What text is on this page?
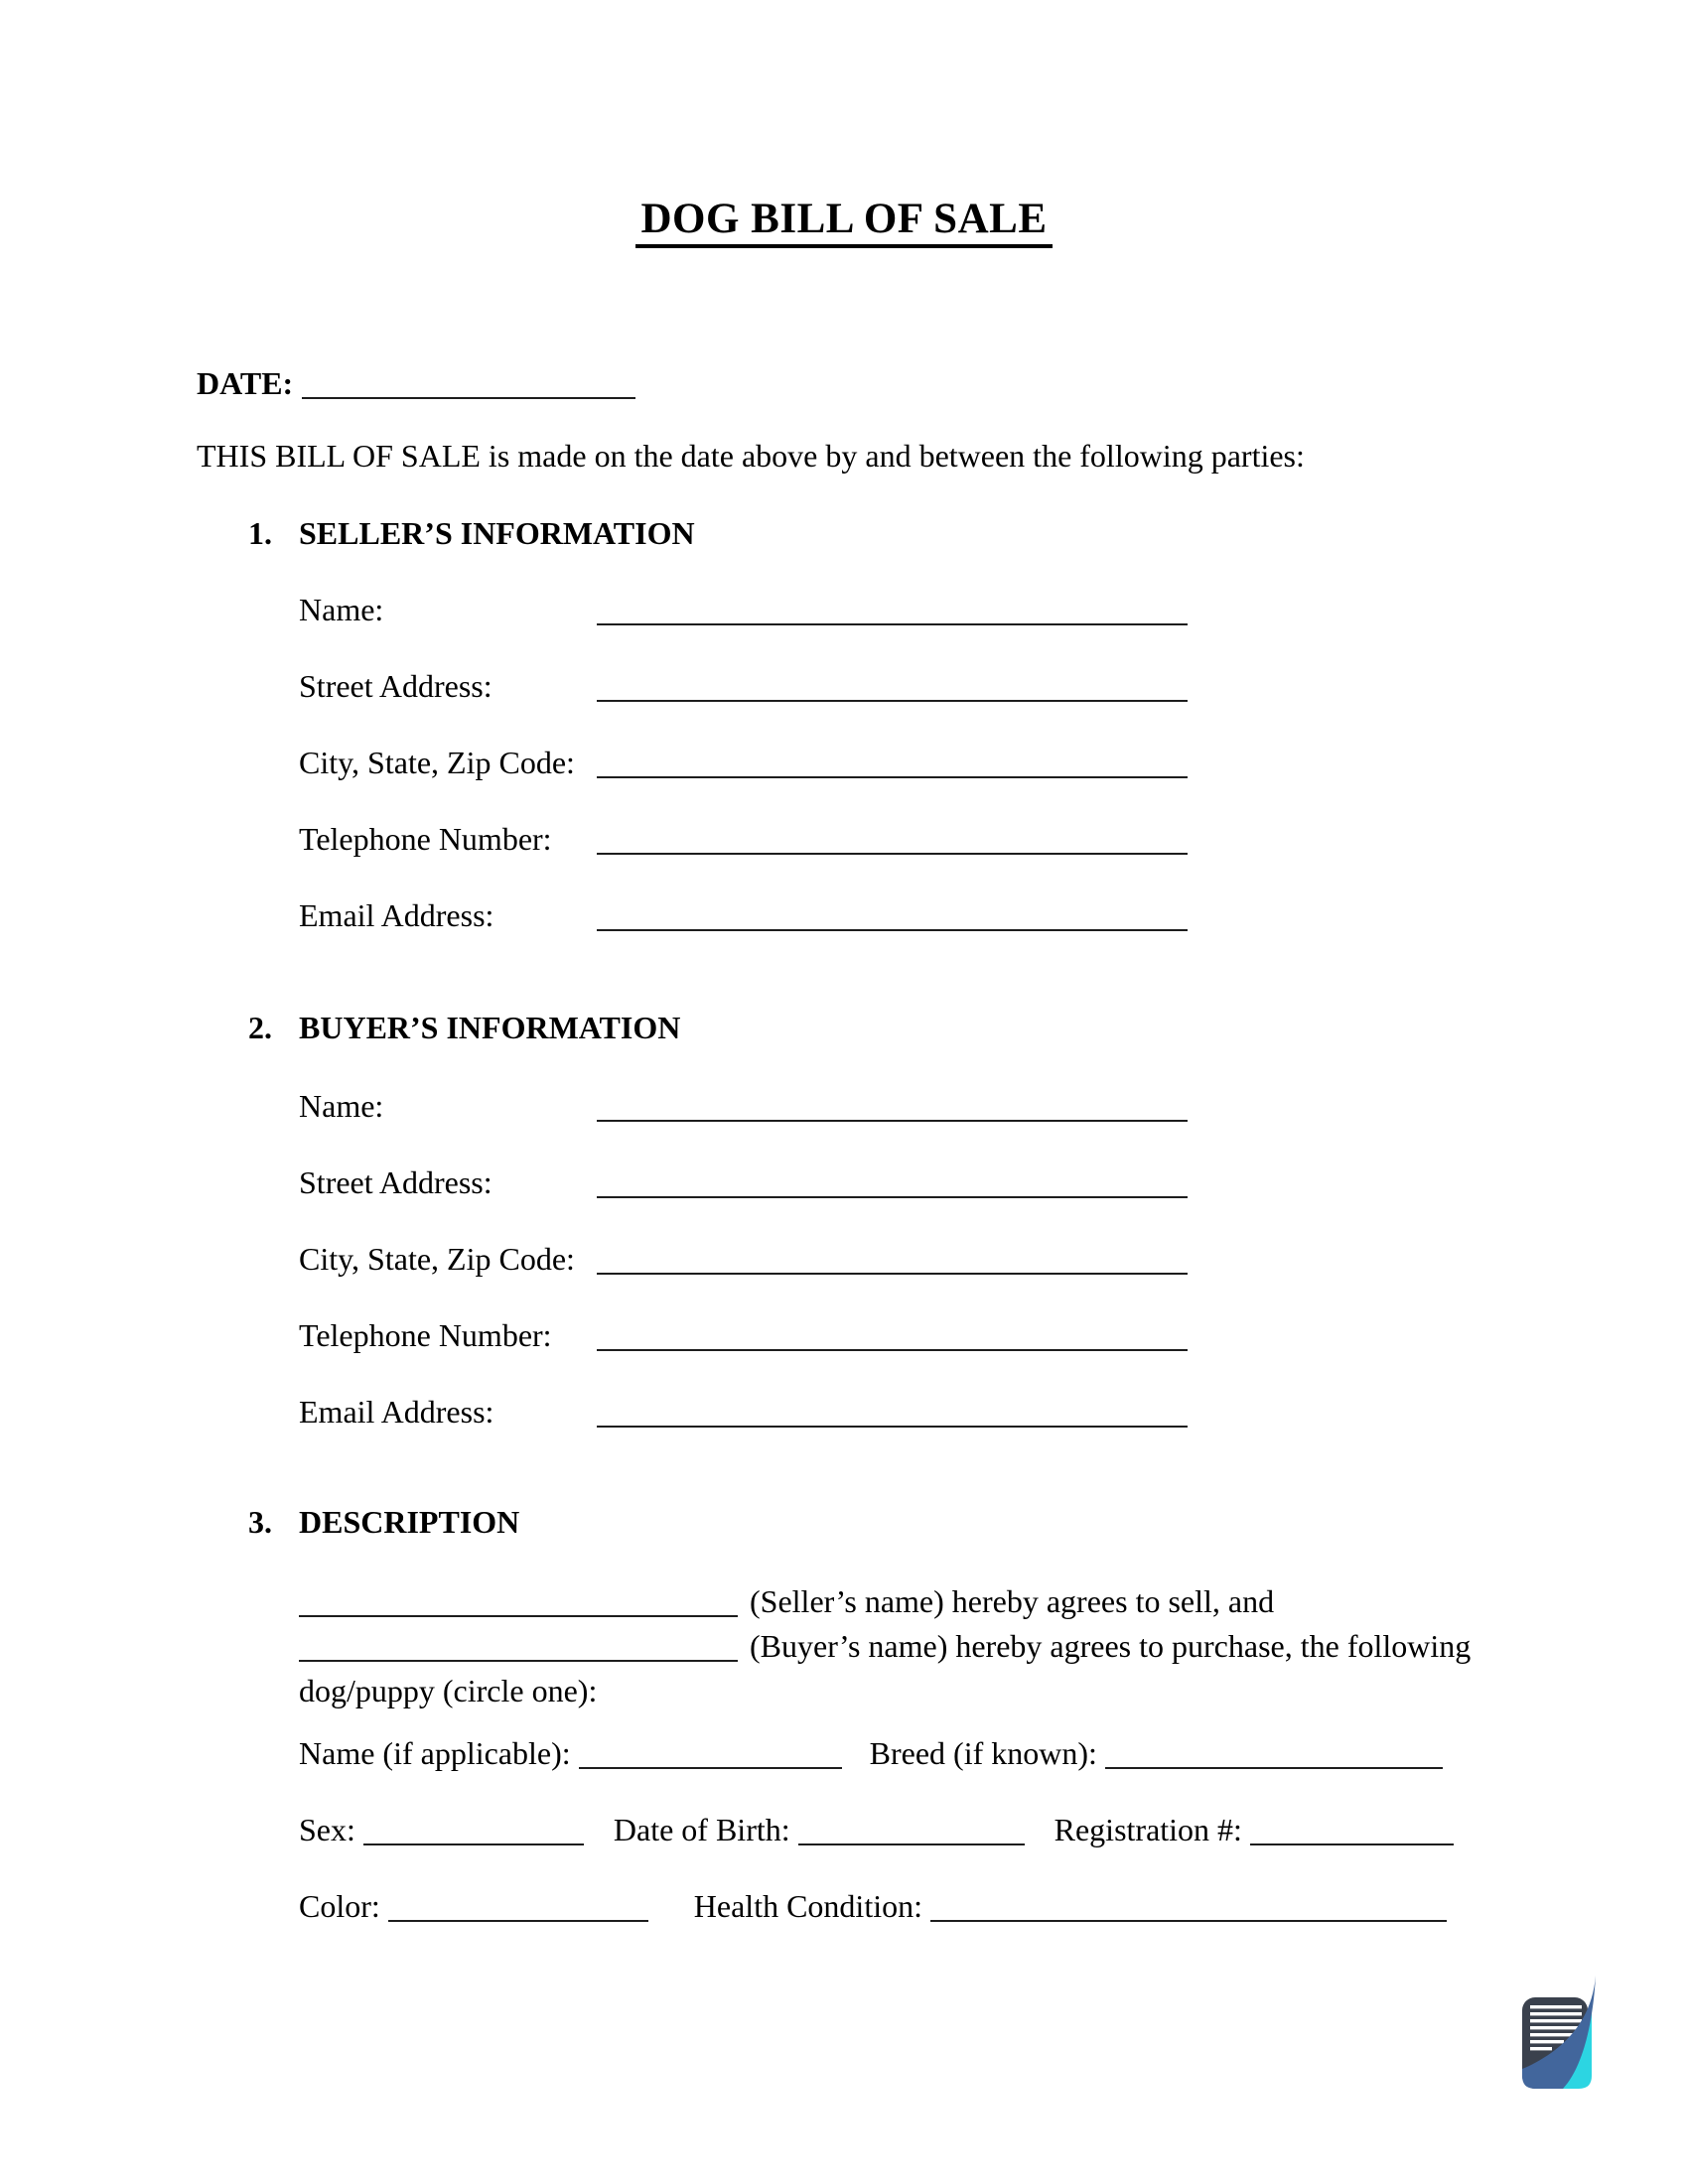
DOG BILL OF SALE
DATE:

THIS BILL OF SALE is made on the date above by and between the following parties:

1. SELLER’S INFORMATION
Name:
Street Address:
City, State, Zip Code:
Telephone Number:
Email Address:
2. BUYER’S INFORMATION
Name:
Street Address:
City, State, Zip Code:
Telephone Number:
Email Address:
3. DESCRIPTION
(Seller’s name) hereby agrees to sell, and
(Buyer’s name) hereby agrees to purchase, the following
dog/puppy (circle one):
Name (if applicable):	Breed (if known):
Sex:	Date of Birth:	Registration #:
Color:	Health Condition:
